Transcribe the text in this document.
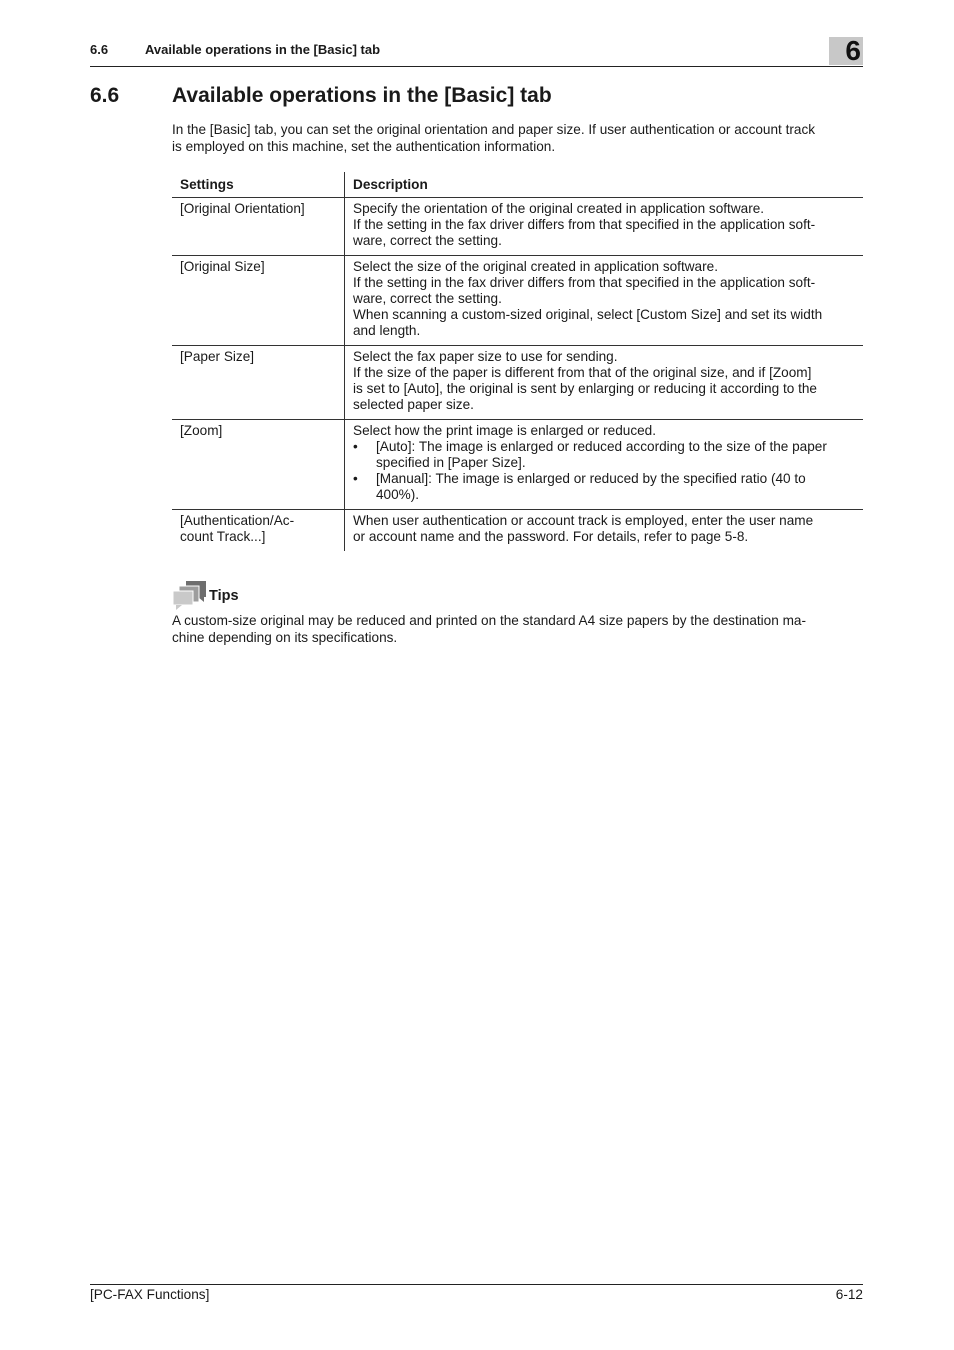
6.6	Available operations in the [Basic] tab	6
6.6	Available operations in the [Basic] tab
In the [Basic] tab, you can set the original orientation and paper size. If user authentication or account track
is employed on this machine, set the authentication information.
Settings	Description
[Original Orientation]	Specify the orientation of the original created in application software.
If the setting in the fax driver differs from that specified in the application soft-
ware, correct the setting.

[Original Size]	Select the size of the original created in application software.
If the setting in the fax driver differs from that specified in the application soft-
ware, correct the setting.
When scanning a custom-sized original, select [Custom Size] and set its width
and length.

[Paper Size]	Select the fax paper size to use for sending.
If the size of the paper is different from that of the original size, and if [Zoom]
is set to [Auto], the original is sent by enlarging or reducing it according to the
selected paper size.

[Zoom]	Select how the print image is enlarged or reduced.
• [Auto]: The image is enlarged or reduced according to the size of the paper
specified in [Paper Size].
• [Manual]: The image is enlarged or reduced by the specified ratio (40 to
400%).

[Authentication/Ac-
count Track...]	When user authentication or account track is employed, enter the user name
or account name and the password. For details, refer to page 5-8.
Tips
A custom-size original may be reduced and printed on the standard A4 size papers by the destination ma-
chine depending on its specifications.
[PC-FAX Functions]	6-12
